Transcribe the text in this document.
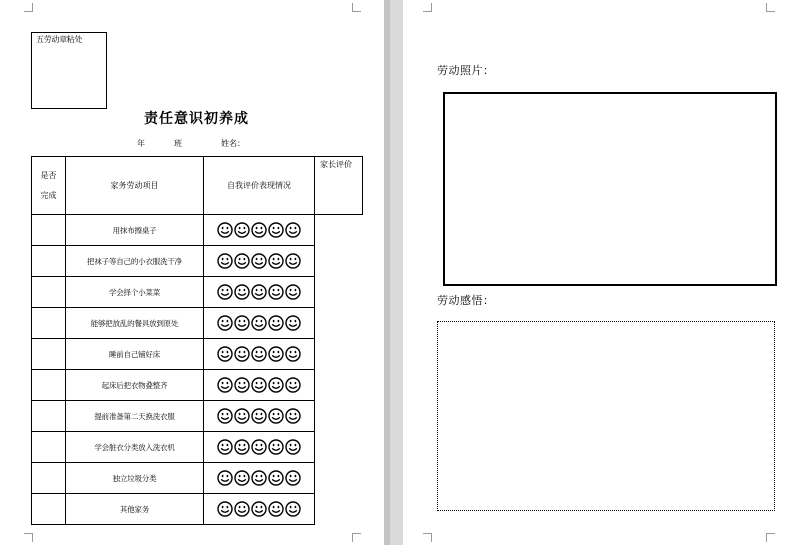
五劳动章粘处
责任意识初养成
年	班	姓名：
是否
完成	家务劳动项目	自我评价表现情况	家长评价
	用抹布擦桌子	

	把袜子等自己的小衣服洗干净	

	学会择个小菜菜	

	能够把放乱的餐具放到原处	

	睡前自己铺好床	

	起床后把衣物叠整齐	

	提前准备第二天换洗衣服	

	学会脏衣分类放入洗衣机	

	独立垃圾分类	

	其他家务	
劳动照片：
劳动感悟：
